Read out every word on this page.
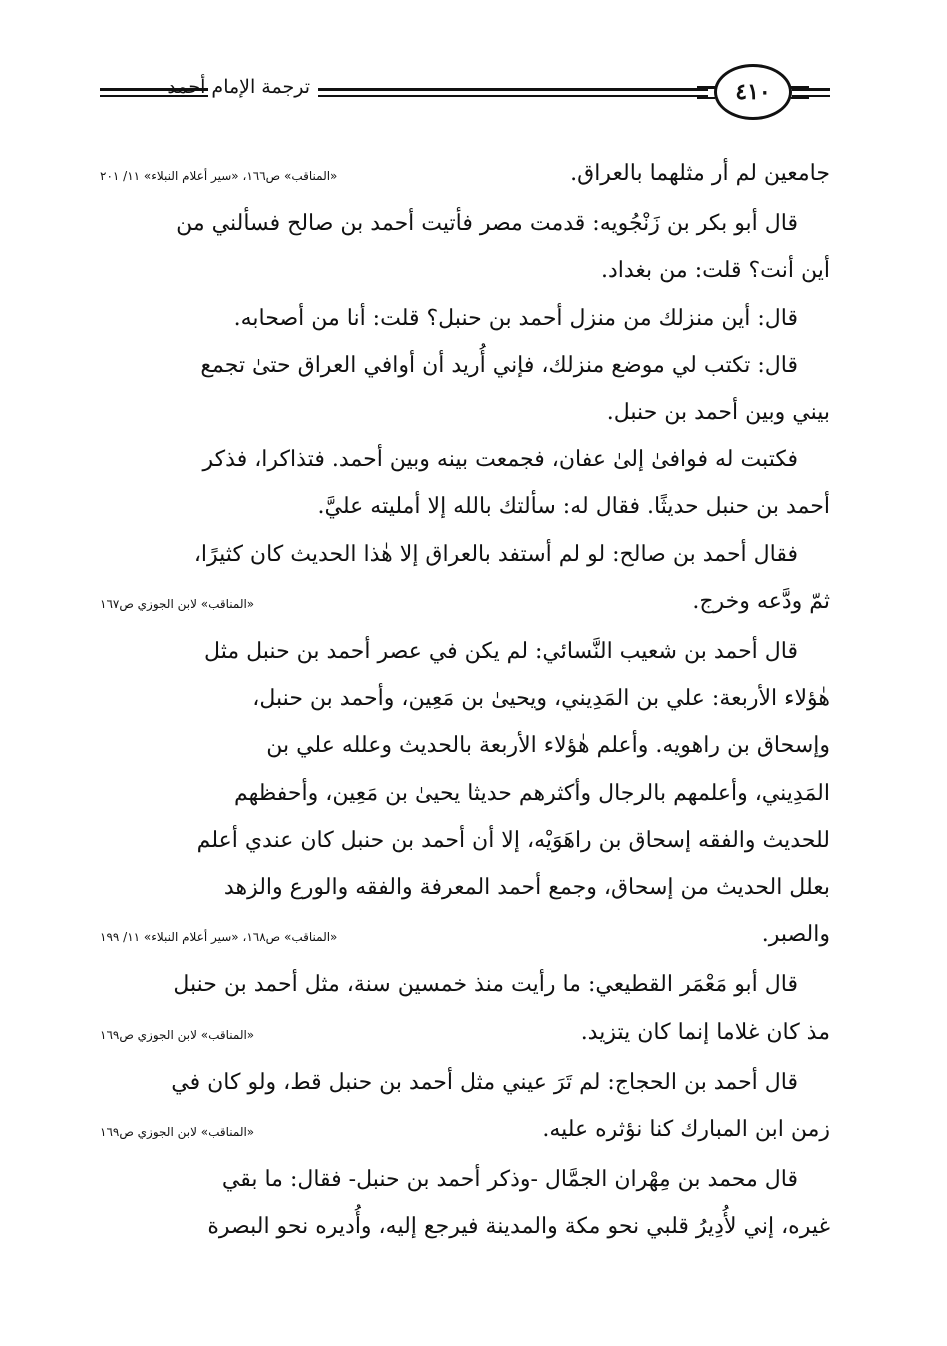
ترجمة الإمام أحمد	٤١٠
جامعين لم أر مثلهما بالعراق.
«المناقب» ص١٦٦، «سير أعلام النبلاء» ١١/ ٢٠١
قال أبو بكر بن زَنْجُويه: قدمت مصر فأتيت أحمد بن صالح فسألني من
أين أنت؟ قلت: من بغداد.
قال: أين منزلك من منزل أحمد بن حنبل؟ قلت: أنا من أصحابه.
قال: تكتب لي موضع منزلك، فإني أُريد أن أوافي العراق حتىٰ تجمع
بيني وبين أحمد بن حنبل.
فكتبت له فوافىٰ إلىٰ عفان، فجمعت بينه وبين أحمد. فتذاكرا، فذكر
أحمد بن حنبل حديثًا. فقال له: سألتك بالله إلا أمليته عليَّ.
فقال أحمد بن صالح: لو لم أستفد بالعراق إلا هٰذا الحديث كان كثيرًا،
ثمّ ودَّعه وخرج.
«المناقب» لابن الجوزي ص١٦٧
قال أحمد بن شعيب النَّسائي: لم يكن في عصر أحمد بن حنبل مثل
هٰؤلاء الأربعة: علي بن المَدِيني، ويحيىٰ بن مَعِين، وأحمد بن حنبل،
وإسحاق بن راهويه. وأعلم هٰؤلاء الأربعة بالحديث وعلله علي بن
المَدِيني، وأعلمهم بالرجال وأكثرهم حديثا يحيىٰ بن مَعِين، وأحفظهم
للحديث والفقه إسحاق بن راهَوَيْه، إلا أن أحمد بن حنبل كان عندي أعلم
بعلل الحديث من إسحاق، وجمع أحمد المعرفة والفقه والورع والزهد
والصبر.
«المناقب» ص١٦٨، «سير أعلام النبلاء» ١١/ ١٩٩
قال أبو مَعْمَر القطيعي: ما رأيت منذ خمسين سنة، مثل أحمد بن حنبل
مذ كان غلاما إنما كان يتزيد.
«المناقب» لابن الجوزي ص١٦٩
قال أحمد بن الحجاج: لم تَرَ عيني مثل أحمد بن حنبل قط، ولو كان في
زمن ابن المبارك كنا نؤثره عليه.
«المناقب» لابن الجوزي ص١٦٩
قال محمد بن مِهْران الجمَّال -وذكر أحمد بن حنبل- فقال: ما بقي
غيره، إني لأُدِيرُ قلبي نحو مكة والمدينة فيرجع إليه، وأُديره نحو البصرة
